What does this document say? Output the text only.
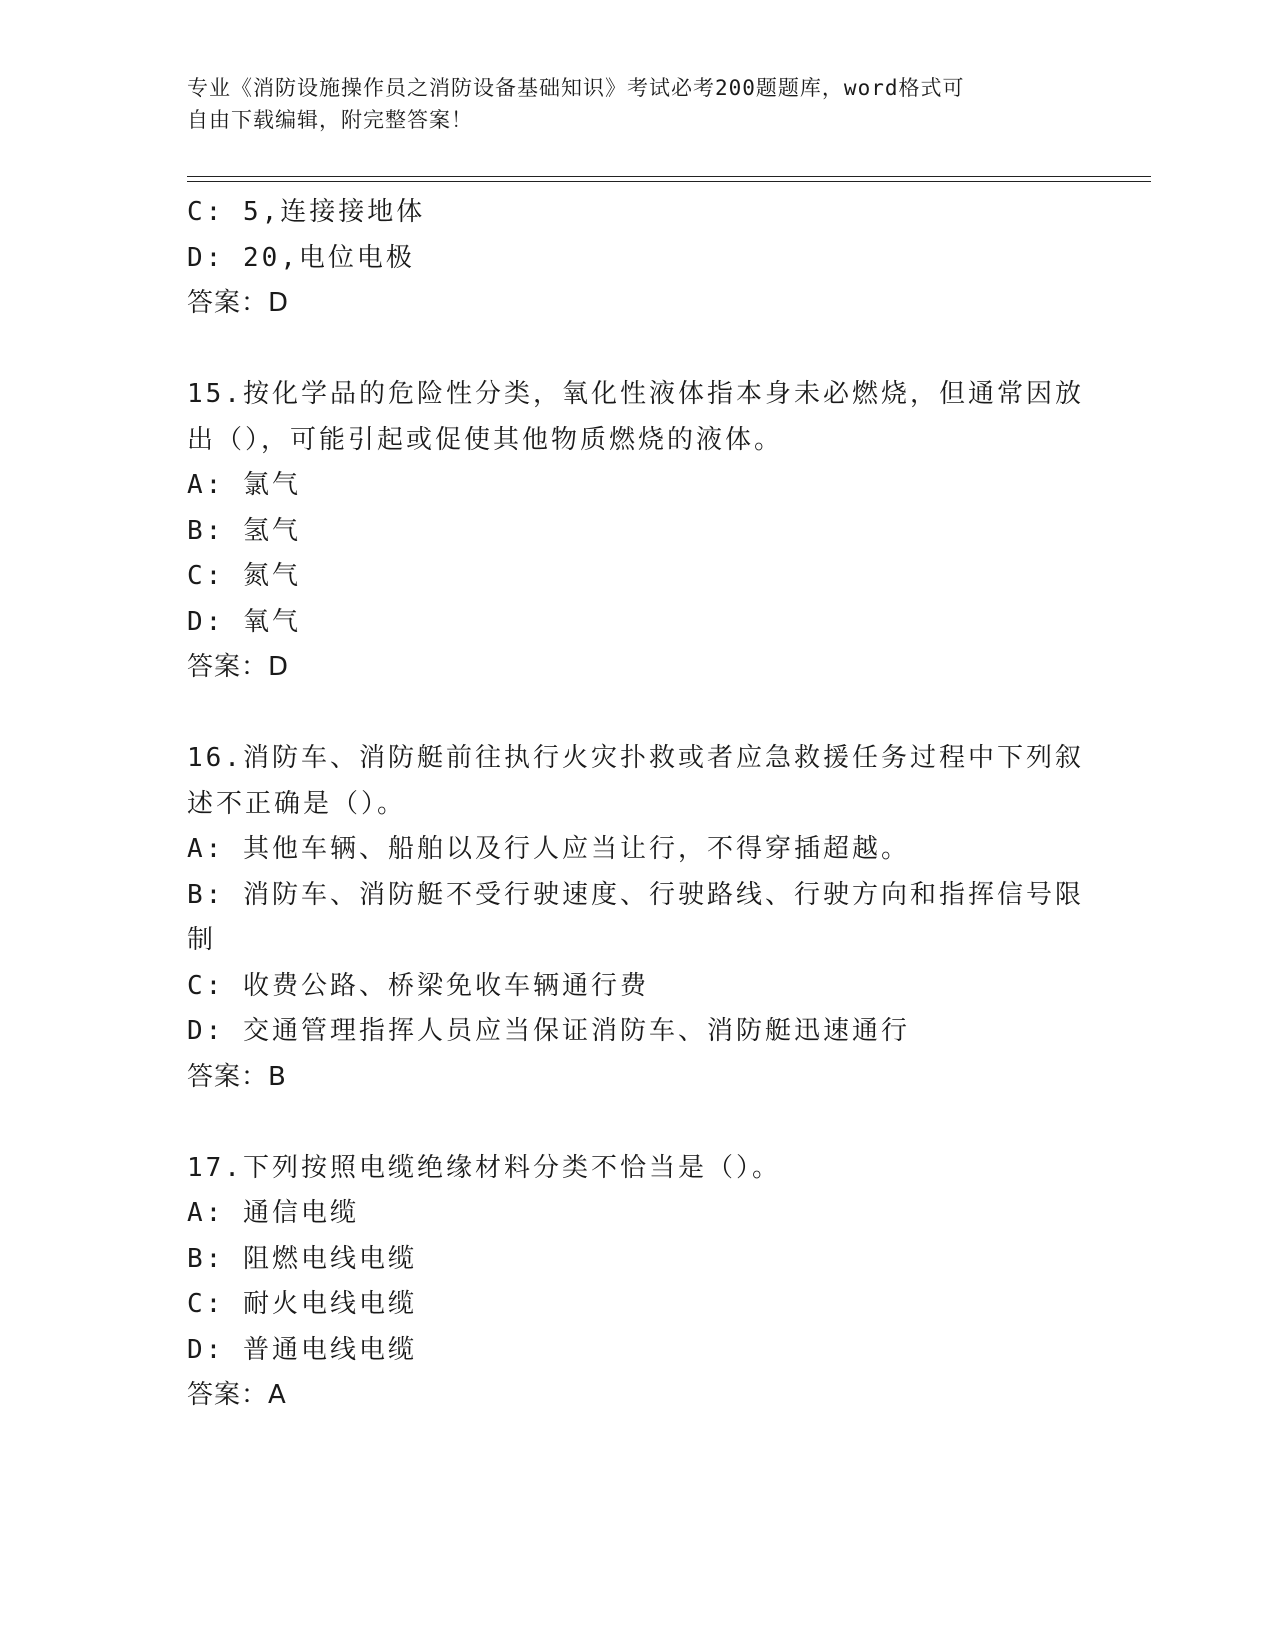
专业《消防设施操作员之消防设备基础知识》考试必考200题题库，word格式可
自由下载编辑，附完整答案！
C: 5,连接接地体
D: 20,电位电极
答案：D
15.按化学品的危险性分类，氧化性液体指本身未必燃烧，但通常因放
出（），可能引起或促使其他物质燃烧的液体。
A: 氯气
B: 氢气
C: 氮气
D: 氧气
答案：D
16.消防车、消防艇前往执行火灾扑救或者应急救援任务过程中下列叙
述不正确是（）。
A: 其他车辆、船舶以及行人应当让行，不得穿插超越。
B: 消防车、消防艇不受行驶速度、行驶路线、行驶方向和指挥信号限
制
C: 收费公路、桥梁免收车辆通行费
D: 交通管理指挥人员应当保证消防车、消防艇迅速通行
答案：B
17.下列按照电缆绝缘材料分类不恰当是（）。
A: 通信电缆
B: 阻燃电线电缆
C: 耐火电线电缆
D: 普通电线电缆
答案：A
